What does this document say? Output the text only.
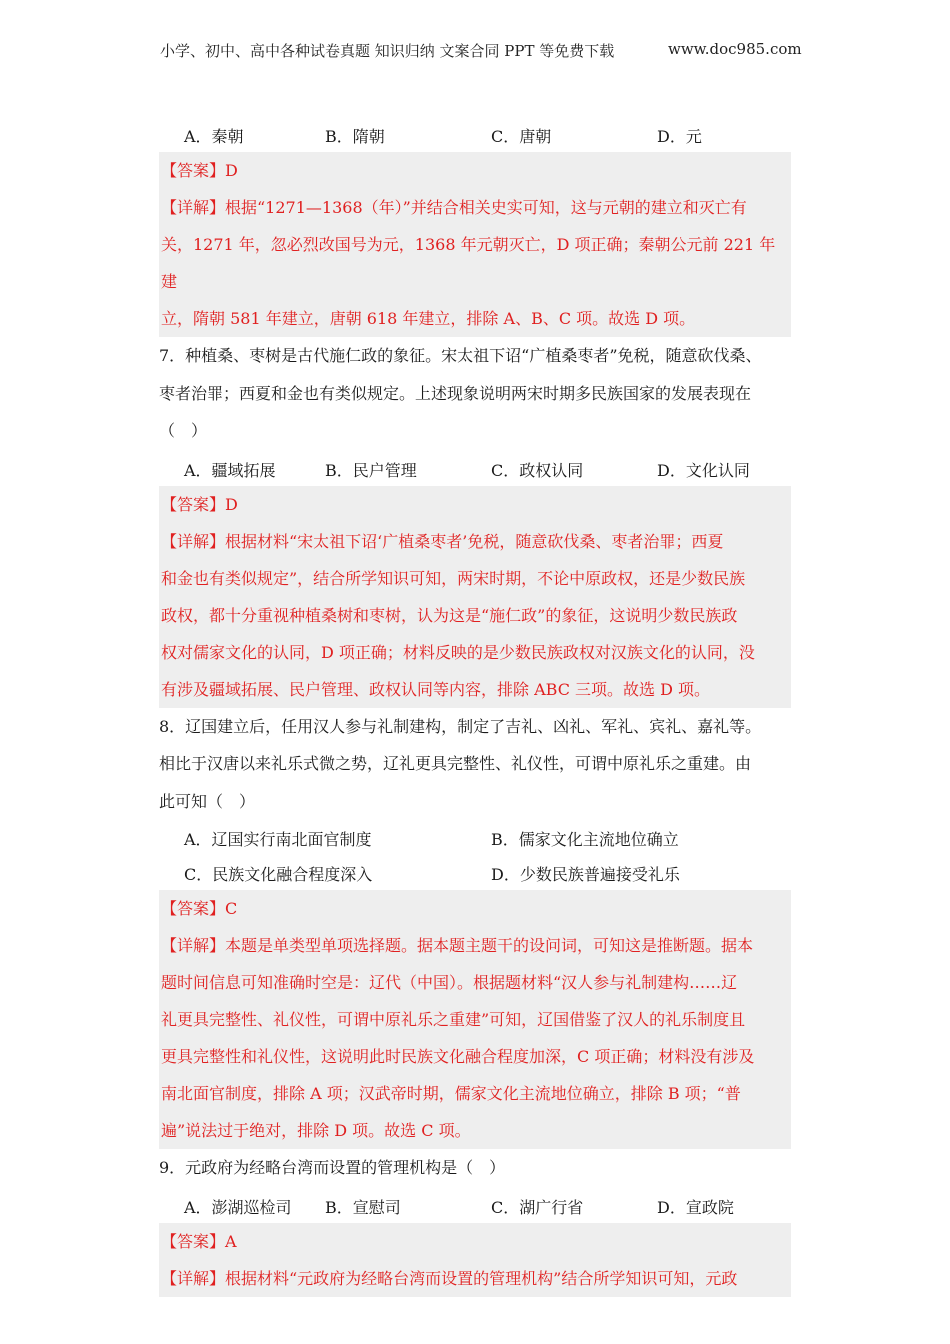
小学、初中、高中各种试卷真题 知识归纳 文案合同 PPT 等免费下载	www.doc985.com
A．秦朝	B．隋朝	C．唐朝	D．元
【答案】D
【详解】根据“1271—1368（年）”并结合相关史实可知，这与元朝的建立和灭亡有
关，1271 年，忽必烈改国号为元，1368 年元朝灭亡，D 项正确；秦朝公元前 221 年建
立，隋朝 581 年建立，唐朝 618 年建立，排除 A、B、C 项。故选 D 项。
7．种植桑、枣树是古代施仁政的象征。宋太祖下诏“广植桑枣者”免税，随意砍伐桑、
枣者治罪；西夏和金也有类似规定。上述现象说明两宋时期多民族国家的发展表现在
（　）
A．疆域拓展	B．民户管理	C．政权认同	D．文化认同
【答案】D
【详解】根据材料“宋太祖下诏‘广植桑枣者’免税，随意砍伐桑、枣者治罪；西夏
和金也有类似规定”，结合所学知识可知，两宋时期，不论中原政权，还是少数民族
政权，都十分重视种植桑树和枣树，认为这是“施仁政”的象征，这说明少数民族政
权对儒家文化的认同，D 项正确；材料反映的是少数民族政权对汉族文化的认同，没
有涉及疆域拓展、民户管理、政权认同等内容，排除 ABC 三项。故选 D 项。
8．辽国建立后，任用汉人参与礼制建构，制定了吉礼、凶礼、军礼、宾礼、嘉礼等。
相比于汉唐以来礼乐式微之势，辽礼更具完整性、礼仪性，可谓中原礼乐之重建。由
此可知（　）
A．辽国实行南北面官制度	B．儒家文化主流地位确立
C．民族文化融合程度深入	D．少数民族普遍接受礼乐
【答案】C
【详解】本题是单类型单项选择题。据本题主题干的设问词，可知这是推断题。据本
题时间信息可知准确时空是：辽代（中国）。根据题材料“汉人参与礼制建构……辽
礼更具完整性、礼仪性，可谓中原礼乐之重建”可知，辽国借鉴了汉人的礼乐制度且
更具完整性和礼仪性，这说明此时民族文化融合程度加深，C 项正确；材料没有涉及
南北面官制度，排除 A 项；汉武帝时期，儒家文化主流地位确立，排除 B 项；“普
遍”说法过于绝对，排除 D 项。故选 C 项。
9．元政府为经略台湾而设置的管理机构是（　）
A．澎湖巡检司 B．宣慰司	C．湖广行省	D．宣政院
【答案】A
【详解】根据材料“元政府为经略台湾而设置的管理机构”结合所学知识可知，元政
